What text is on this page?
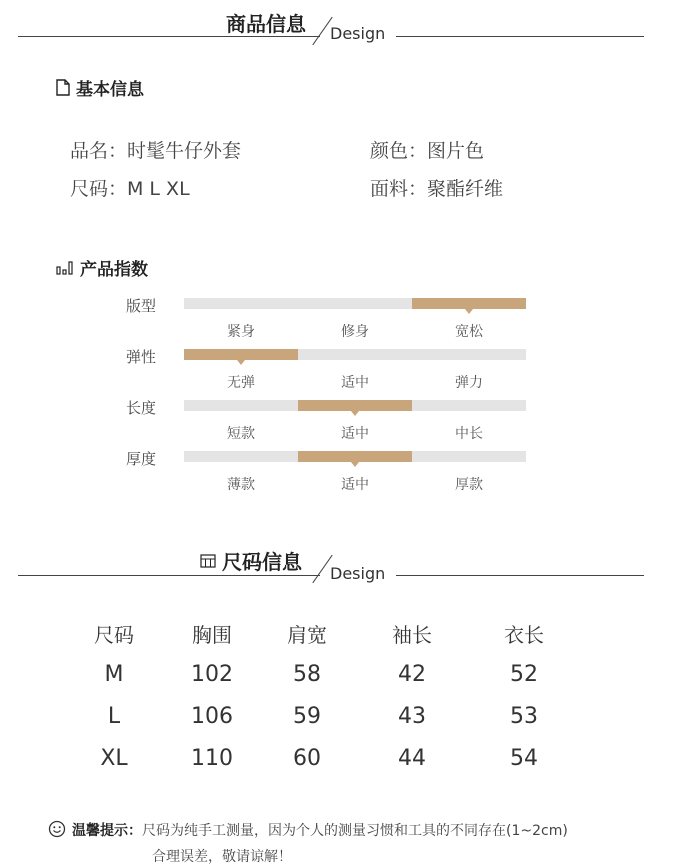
商品信息 Design
基本信息
品名：时髦牛仔外套	颜色：图片色
尺码：M L XL	面料：聚酯纤维
产品指数
版型
紧身	修身	宽松
弹性
无弹	适中	弹力
长度
短款	适中	中长
厚度
薄款	适中	厚款
尺码信息 Design
尺码	胸围	肩宽	袖长	衣长
M	102	58	42	52
L	106	59	43	53
XL	110	60	44	54
温馨提示：尺码为纯手工测量，因为个人的测量习惯和工具的不同存在(1~2cm)
合理误差，敬请谅解！
